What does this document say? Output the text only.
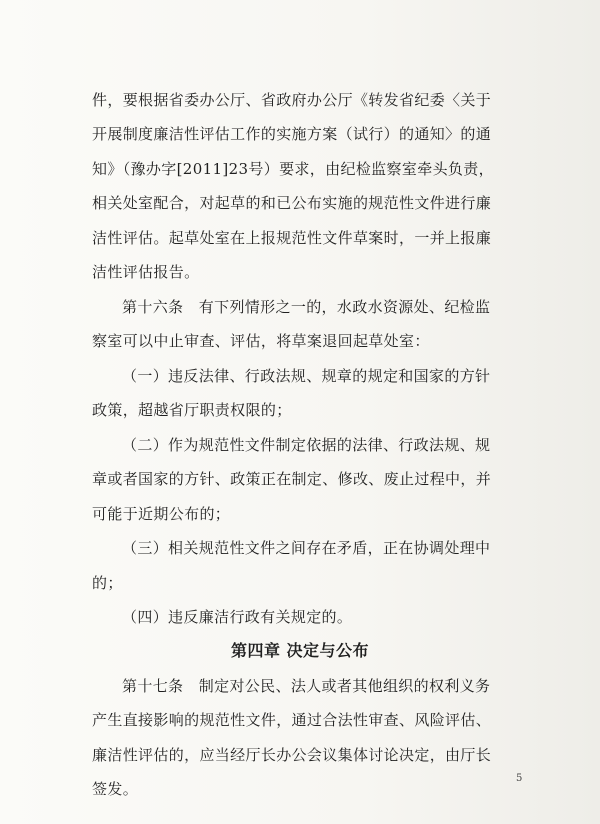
件，要根据省委办公厅、省政府办公厅《转发省纪委〈关于
开展制度廉洁性评估工作的实施方案（试行）的通知〉的通
知》（豫办字[2011]23号）要求，由纪检监察室牵头负责，
相关处室配合，对起草的和已公布实施的规范性文件进行廉
洁性评估。起草处室在上报规范性文件草案时，一并上报廉
洁性评估报告。
第十六条　有下列情形之一的，水政水资源处、纪检监
察室可以中止审查、评估，将草案退回起草处室：
（一）违反法律、行政法规、规章的规定和国家的方针
政策，超越省厅职责权限的；
（二）作为规范性文件制定依据的法律、行政法规、规
章或者国家的方针、政策正在制定、修改、废止过程中，并
可能于近期公布的；
（三）相关规范性文件之间存在矛盾，正在协调处理中
的；
（四）违反廉洁行政有关规定的。
第四章 决定与公布
第十七条　制定对公民、法人或者其他组织的权利义务
产生直接影响的规范性文件，通过合法性审查、风险评估、
廉洁性评估的，应当经厅长办公会议集体讨论决定，由厅长
签发。
5
